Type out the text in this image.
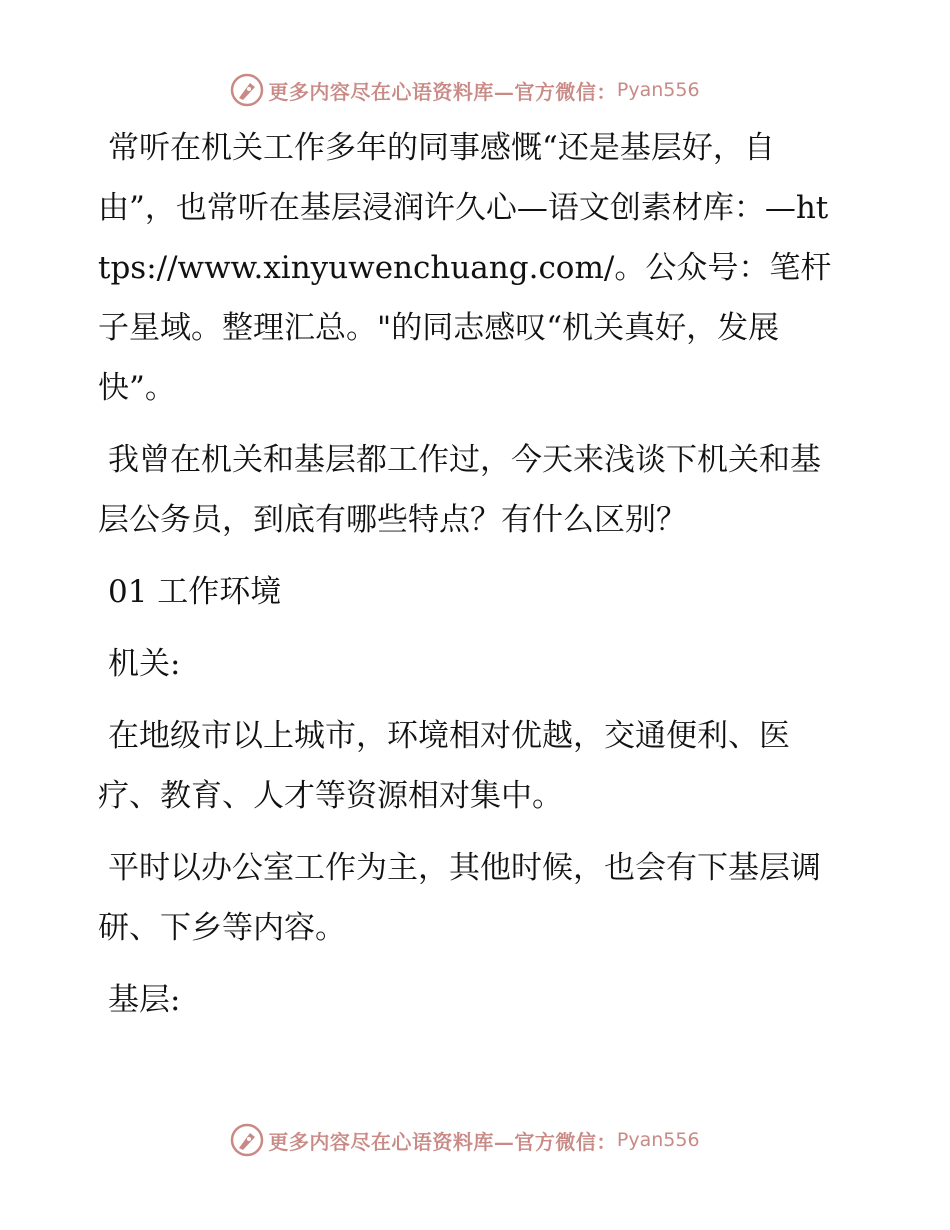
更多内容尽在心语资料库—官方微信： Pyan556

常听在机关工作多年的同事感慨“还是基层好，自由”，也常听在基层浸润许久心—语文创素材库：—https://www.xinyuwenchuang.com/。公众号：笔杆子星域。整理汇总。"的同志感叹“机关真好，发展快”。

我曾在机关和基层都工作过，今天来浅谈下机关和基层公务员，到底有哪些特点？有什么区别？

01 工作环境

机关:

在地级市以上城市，环境相对优越，交通便利、医疗、教育、人才等资源相对集中。

平时以办公室工作为主，其他时候，也会有下基层调研、下乡等内容。

基层:

更多内容尽在心语资料库—官方微信： Pyan556
